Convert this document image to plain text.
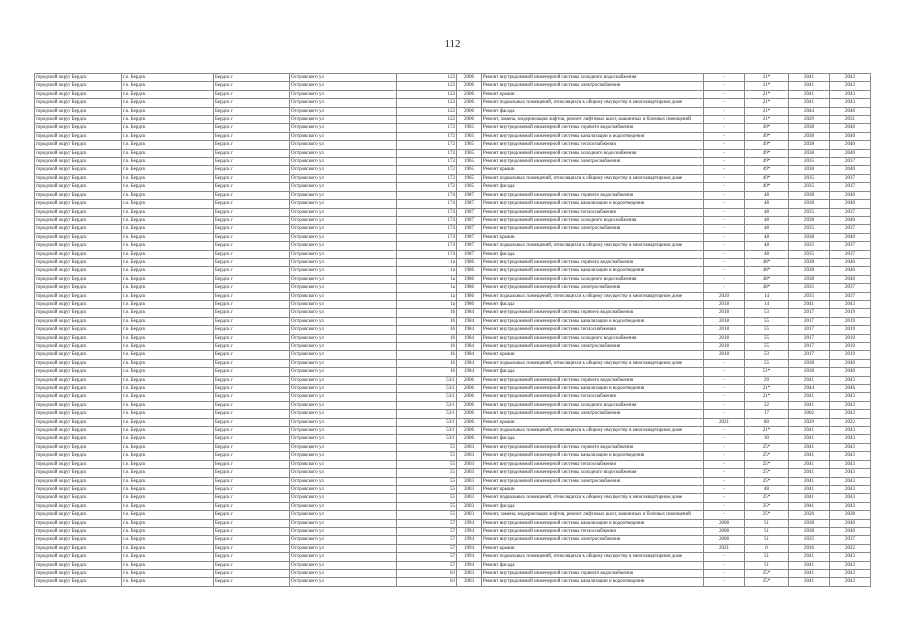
112
городской округ Бердск	г.о. Бердск	Бердск г	Островского ул	122	2006	Ремонт внутридомовой инженерной системы холодного водоснабжения	-	21*	2041	2043
городской округ Бердск	г.о. Бердск	Бердск г	Островского ул	122	2006	Ремонт внутридомовой инженерной системы электроснабжения	-	21*	2041	2043
городской округ Бердск	г.о. Бердск	Бердск г	Островского ул	122	2006	Ремонт крыши	-	21*	2041	2043
городской округ Бердск	г.о. Бердск	Бердск г	Островского ул	122	2006	Ремонт подвальных помещений, относящихся к общему имуществу в многоквартирном доме	-	21*	2041	2043
городской округ Бердск	г.о. Бердск	Бердск г	Островского ул	122	2006	Ремонт фасада	-	21*	2044	2046
городской округ Бердск	г.о. Бердск	Бердск г	Островского ул	122	2006	Ремонт, замена, модернизация лифтов, ремонт лифтовых шахт, машинных и блочных помещений	-	21*	2029	2031
городской округ Бердск	г.о. Бердск	Бердск г	Островского ул	172	1965	Ремонт внутридомовой инженерной системы горячего водоснабжения	-	49*	2038	2040
городской округ Бердск	г.о. Бердск	Бердск г	Островского ул	172	1965	Ремонт внутридомовой инженерной системы канализации и водоотведения	-	49*	2038	2040
городской округ Бердск	г.о. Бердск	Бердск г	Островского ул	172	1965	Ремонт внутридомовой инженерной системы теплоснабжения	-	49*	2038	2040
городской округ Бердск	г.о. Бердск	Бердск г	Островского ул	172	1965	Ремонт внутридомовой инженерной системы холодного водоснабжения	-	49*	2038	2040
городской округ Бердск	г.о. Бердск	Бердск г	Островского ул	172	1965	Ремонт внутридомовой инженерной системы электроснабжения	-	49*	2035	2037
городской округ Бердск	г.о. Бердск	Бердск г	Островского ул	172	1965	Ремонт крыши	-	49*	2038	2040
городской округ Бердск	г.о. Бердск	Бердск г	Островского ул	172	1965	Ремонт подвальных помещений, относящихся к общему имуществу в многоквартирном доме	-	49*	2035	2037
городской округ Бердск	г.о. Бердск	Бердск г	Островского ул	172	1965	Ремонт фасада	-	49*	2035	2037
городской округ Бердск	г.о. Бердск	Бердск г	Островского ул	174	1987	Ремонт внутридомовой инженерной системы горячего водоснабжения	-	48	2038	2040
городской округ Бердск	г.о. Бердск	Бердск г	Островского ул	174	1987	Ремонт внутридомовой инженерной системы канализации и водоотведения	-	48	2038	2040
городской округ Бердск	г.о. Бердск	Бердск г	Островского ул	174	1987	Ремонт внутридомовой инженерной системы теплоснабжения	-	48	2035	2037
городской округ Бердск	г.о. Бердск	Бердск г	Островского ул	174	1987	Ремонт внутридомовой инженерной системы холодного водоснабжения	-	48	2038	2040
городской округ Бердск	г.о. Бердск	Бердск г	Островского ул	174	1987	Ремонт внутридомовой инженерной системы электроснабжения	-	48	2035	2037
городской округ Бердск	г.о. Бердск	Бердск г	Островского ул	174	1987	Ремонт крыши	-	48	2038	2040
городской округ Бердск	г.о. Бердск	Бердск г	Островского ул	174	1987	Ремонт подвальных помещений, относящихся к общему имуществу в многоквартирном доме	-	48	2035	2037
городской округ Бердск	г.о. Бердск	Бердск г	Островского ул	174	1987	Ремонт фасада	-	48	2035	2037
городской округ Бердск	г.о. Бердск	Бердск г	Островского ул	1а	1986	Ремонт внутридомовой инженерной системы горячего водоснабжения	-	48*	2038	2040
городской округ Бердск	г.о. Бердск	Бердск г	Островского ул	1а	1986	Ремонт внутридомовой инженерной системы канализации и водоотведения	-	48*	2038	2040
городской округ Бердск	г.о. Бердск	Бердск г	Островского ул	1а	1986	Ремонт внутридомовой инженерной системы холодного водоснабжения	-	48*	2038	2040
городской округ Бердск	г.о. Бердск	Бердск г	Островского ул	1а	1986	Ремонт внутридомовой инженерной системы электроснабжения	-	48*	2035	2037
городской округ Бердск	г.о. Бердск	Бердск г	Островского ул	1а	1986	Ремонт подвальных помещений, относящихся к общему имуществу в многоквартирном доме	2020	14	2035	2037
городской округ Бердск	г.о. Бердск	Бердск г	Островского ул	1а	1986	Ремонт фасада	2018	14	2041	2043
городской округ Бердск	г.о. Бердск	Бердск г	Островского ул	16	1984	Ремонт внутридомовой инженерной системы горячего водоснабжения	2018	53	2017	2019
городской округ Бердск	г.о. Бердск	Бердск г	Островского ул	16	1984	Ремонт внутридомовой инженерной системы канализации и водоотведения	2018	55	2017	2019
городской округ Бердск	г.о. Бердск	Бердск г	Островского ул	16	1984	Ремонт внутридомовой инженерной системы теплоснабжения	2018	55	2017	2019
городской округ Бердск	г.о. Бердск	Бердск г	Островского ул	16	1984	Ремонт внутридомовой инженерной системы холодного водоснабжения	2018	55	2017	2019
городской округ Бердск	г.о. Бердск	Бердск г	Островского ул	16	1984	Ремонт внутридомовой инженерной системы электроснабжения	2018	55	2017	2019
городской округ Бердск	г.о. Бердск	Бердск г	Островского ул	16	1984	Ремонт крыши	2018	53	2017	2019
городской округ Бердск	г.о. Бердск	Бердск г	Островского ул	16	1984	Ремонт подвальных помещений, относящихся к общему имуществу в многоквартирном доме	-	55	2038	2040
городской округ Бердск	г.о. Бердск	Бердск г	Островского ул	16	1984	Ремонт фасада	-	51*	2038	2040
городской округ Бердск	г.о. Бердск	Бердск г	Островского ул	53/1	2006	Ремонт внутридомовой инженерной системы горячего водоснабжения	-	20	2041	2043
городской округ Бердск	г.о. Бердск	Бердск г	Островского ул	53/1	2006	Ремонт внутридомовой инженерной системы канализации и водоотведения	-	21*	2044	2046
городской округ Бердск	г.о. Бердск	Бердск г	Островского ул	53/1	2006	Ремонт внутридомовой инженерной системы теплоснабжения	-	21*	2041	2043
городской округ Бердск	г.о. Бердск	Бердск г	Островского ул	53/1	2006	Ремонт внутридомовой инженерной системы холодного водоснабжения	-	22	2041	2043
городской округ Бердск	г.о. Бердск	Бердск г	Островского ул	53/1	2006	Ремонт внутридомовой инженерной системы электроснабжения	-	17	2002	2043
городской округ Бердск	г.о. Бердск	Бердск г	Островского ул	53/1	2006	Ремонт крыши	2021	80	2029	2022
городской округ Бердск	г.о. Бердск	Бердск г	Островского ул	53/1	2006	Ремонт подвальных помещений, относящихся к общему имуществу в многоквартирном доме	-	21*	2041	2043
городской округ Бердск	г.о. Бердск	Бердск г	Островского ул	53/1	2006	Ремонт фасада	-	30	2041	2043
городской округ Бердск	г.о. Бердск	Бердск г	Островского ул	55	2003	Ремонт внутридомовой инженерной системы горячего водоснабжения	-	25*	2041	2043
городской округ Бердск	г.о. Бердск	Бердск г	Островского ул	55	2003	Ремонт внутридомовой инженерной системы канализации и водоотведения	-	25*	2041	2043
городской округ Бердск	г.о. Бердск	Бердск г	Островского ул	55	2003	Ремонт внутридомовой инженерной системы теплоснабжения	-	25*	2041	2043
городской округ Бердск	г.о. Бердск	Бердск г	Островского ул	55	2003	Ремонт внутридомовой инженерной системы холодного водоснабжения	-	25*	2041	2043
городской округ Бердск	г.о. Бердск	Бердск г	Островского ул	55	2003	Ремонт внутридомовой инженерной системы электроснабжения	-	25*	2041	2043
городской округ Бердск	г.о. Бердск	Бердск г	Островского ул	55	2003	Ремонт крыши	-	48	2041	2043
городской округ Бердск	г.о. Бердск	Бердск г	Островского ул	55	2003	Ремонт подвальных помещений, относящихся к общему имуществу в многоквартирном доме	-	25*	2041	2043
городской округ Бердск	г.о. Бердск	Бердск г	Островского ул	55	2003	Ремонт фасада	-	25*	2041	2043
городской округ Бердск	г.о. Бердск	Бердск г	Островского ул	55	2003	Ремонт, замена, модернизация лифтов, ремонт лифтовых шахт, машинных и блочных помещений	-	25*	2026	2028
городской округ Бердск	г.о. Бердск	Бердск г	Островского ул	57	1994	Ремонт внутридомовой инженерной системы канализации и водоотведения	2008	51	2038	2040
городской округ Бердск	г.о. Бердск	Бердск г	Островского ул	57	1994	Ремонт внутридомовой инженерной системы теплоснабжения	2008	51	2038	2040
городской округ Бердск	г.о. Бердск	Бердск г	Островского ул	57	1994	Ремонт внутридомовой инженерной системы электроснабжения	2008	51	2035	2037
городской округ Бердск	г.о. Бердск	Бердск г	Островского ул	57	1994	Ремонт крыши	2021	0	2016	2022
городской округ Бердск	г.о. Бердск	Бердск г	Островского ул	57	1994	Ремонт подвальных помещений, относящихся к общему имуществу в многоквартирном доме	-	51	2041	2043
городской округ Бердск	г.о. Бердск	Бердск г	Островского ул	57	1994	Ремонт фасада	-	51	2041	2043
городской округ Бердск	г.о. Бердск	Бердск г	Островского ул	63	2003	Ремонт внутридомовой инженерной системы горячего водоснабжения	-	25*	2041	2043
городской округ Бердск	г.о. Бердск	Бердск г	Островского ул	63	2003	Ремонт внутридомовой инженерной системы канализации и водоотведения	-	25*	2041	2043
